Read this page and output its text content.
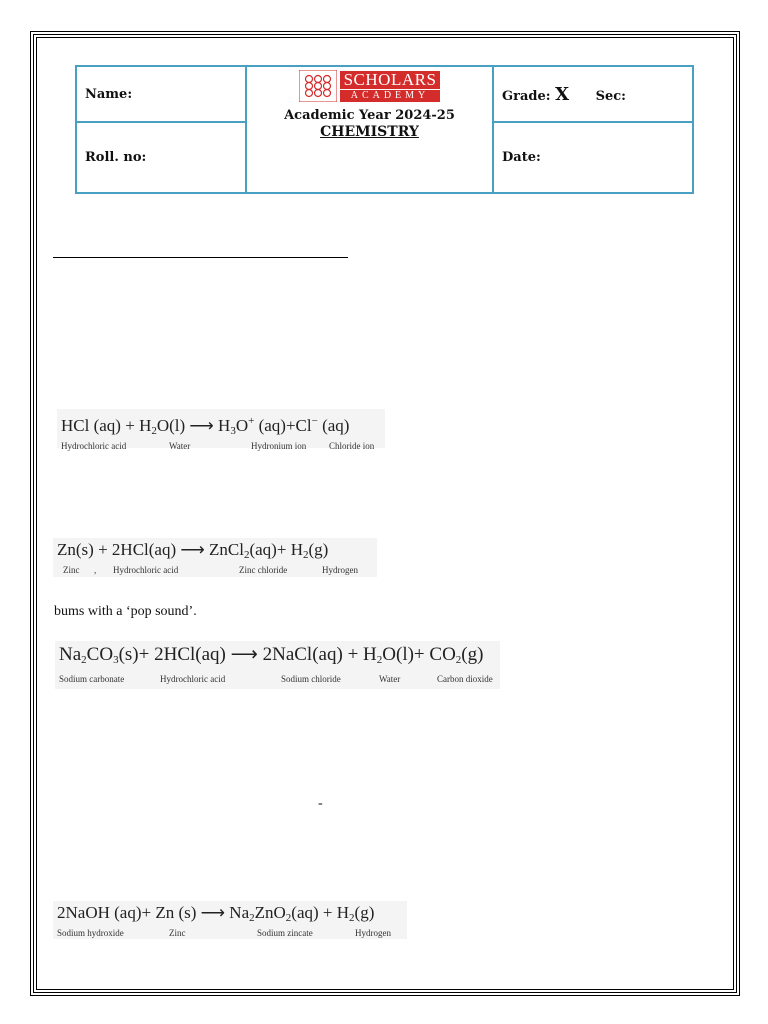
Name:	SCHOLARS
ACADEMY
Academic Year 2024-25
CHEMISTRY	Grade: X Sec:
Roll. no:		Date:
HCl $(aq) + H_2O(l)$ ⟶ $H_3O^+$ (aq)+Cl− (aq)
Hydrochloric acid	Water	Hydronium ion	Chloride ion
Zn(s) + 2HCl(aq) ⟶ ZnCl$_2$(aq)+ $H_2(g)$
Zinc , Hydrochloric acid	Zinc chloride	Hydrogen
bums with a ‘pop sound’.
$Na_2CO_3(s)+ 2HCl(aq)$ ⟶ 2NaCl(aq) + $H_2O(l)+ CO_2(g)$
Sodium carbonate	Hydrochloric acid	Sodium chloride	Water	Carbon dioxide
-
2NaOH (aq)+ Zn (s) ⟶ $Na_2ZnO_2(aq) + H_2(g)$
Sodium hydroxide	Zinc	Sodium zincate	Hydrogen
